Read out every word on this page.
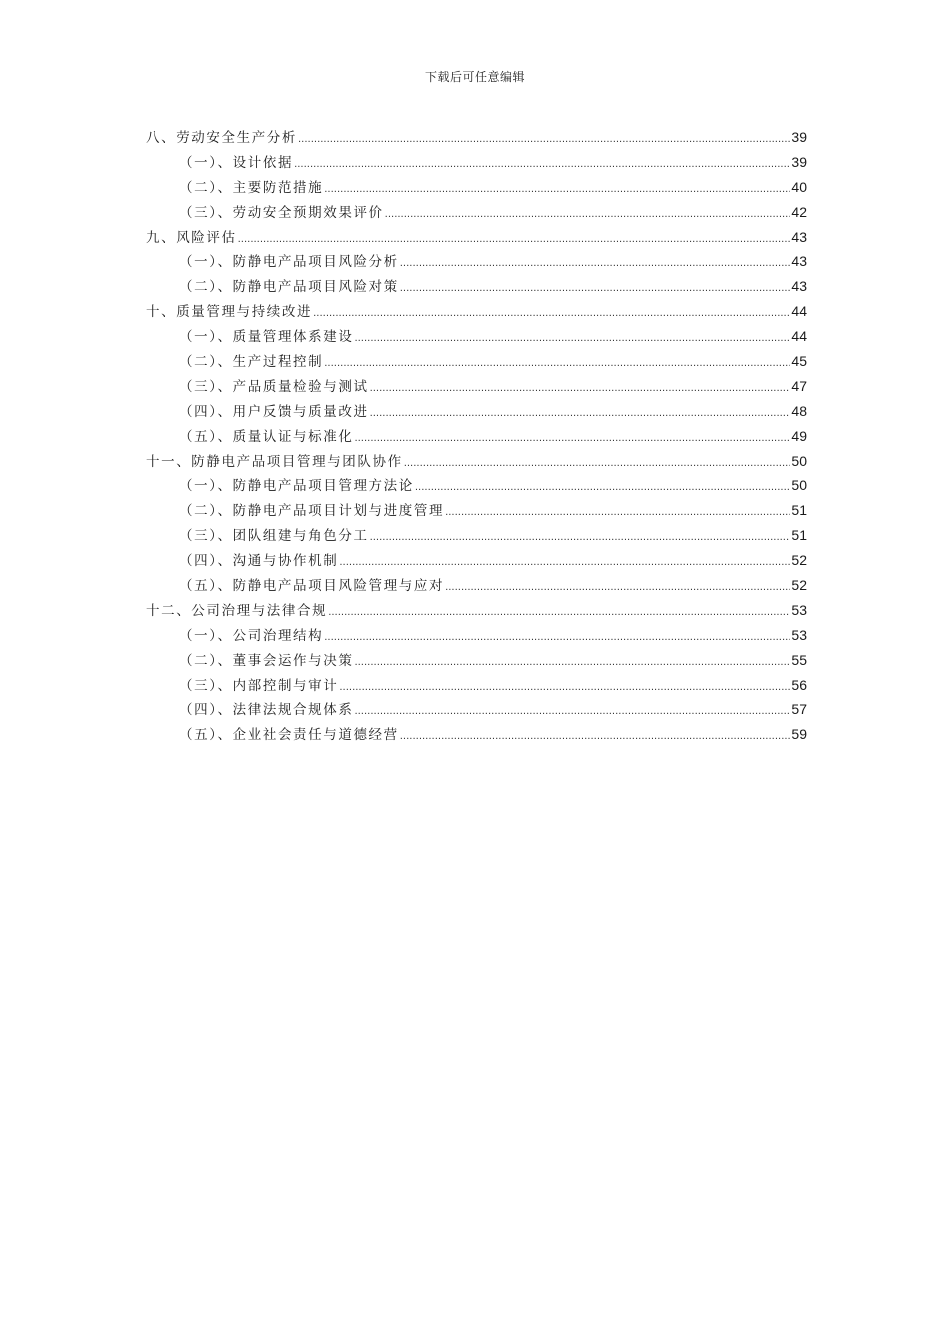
下载后可任意编辑
八、劳动安全生产分析 .....	39
（一）、设计依据 .....	39
（二）、主要防范措施 .....	40
（三）、劳动安全预期效果评价 .....	42
九、风险评估 .....	43
（一）、防静电产品项目风险分析 .....	43
（二）、防静电产品项目风险对策 .....	43
十、质量管理与持续改进 .....	44
（一）、质量管理体系建设 .....	44
（二）、生产过程控制 .....	45
（三）、产品质量检验与测试 .....	47
（四）、用户反馈与质量改进 .....	48
（五）、质量认证与标准化 .....	49
十一、防静电产品项目管理与团队协作 .....	50
（一）、防静电产品项目管理方法论 .....	50
（二）、防静电产品项目计划与进度管理 .....	51
（三）、团队组建与角色分工 .....	51
（四）、沟通与协作机制 .....	52
（五）、防静电产品项目风险管理与应对 .....	52
十二、公司治理与法律合规 .....	53
（一）、公司治理结构 .....	53
（二）、董事会运作与决策 .....	55
（三）、内部控制与审计 .....	56
（四）、法律法规合规体系 .....	57
（五）、企业社会责任与道德经营 .....	59
